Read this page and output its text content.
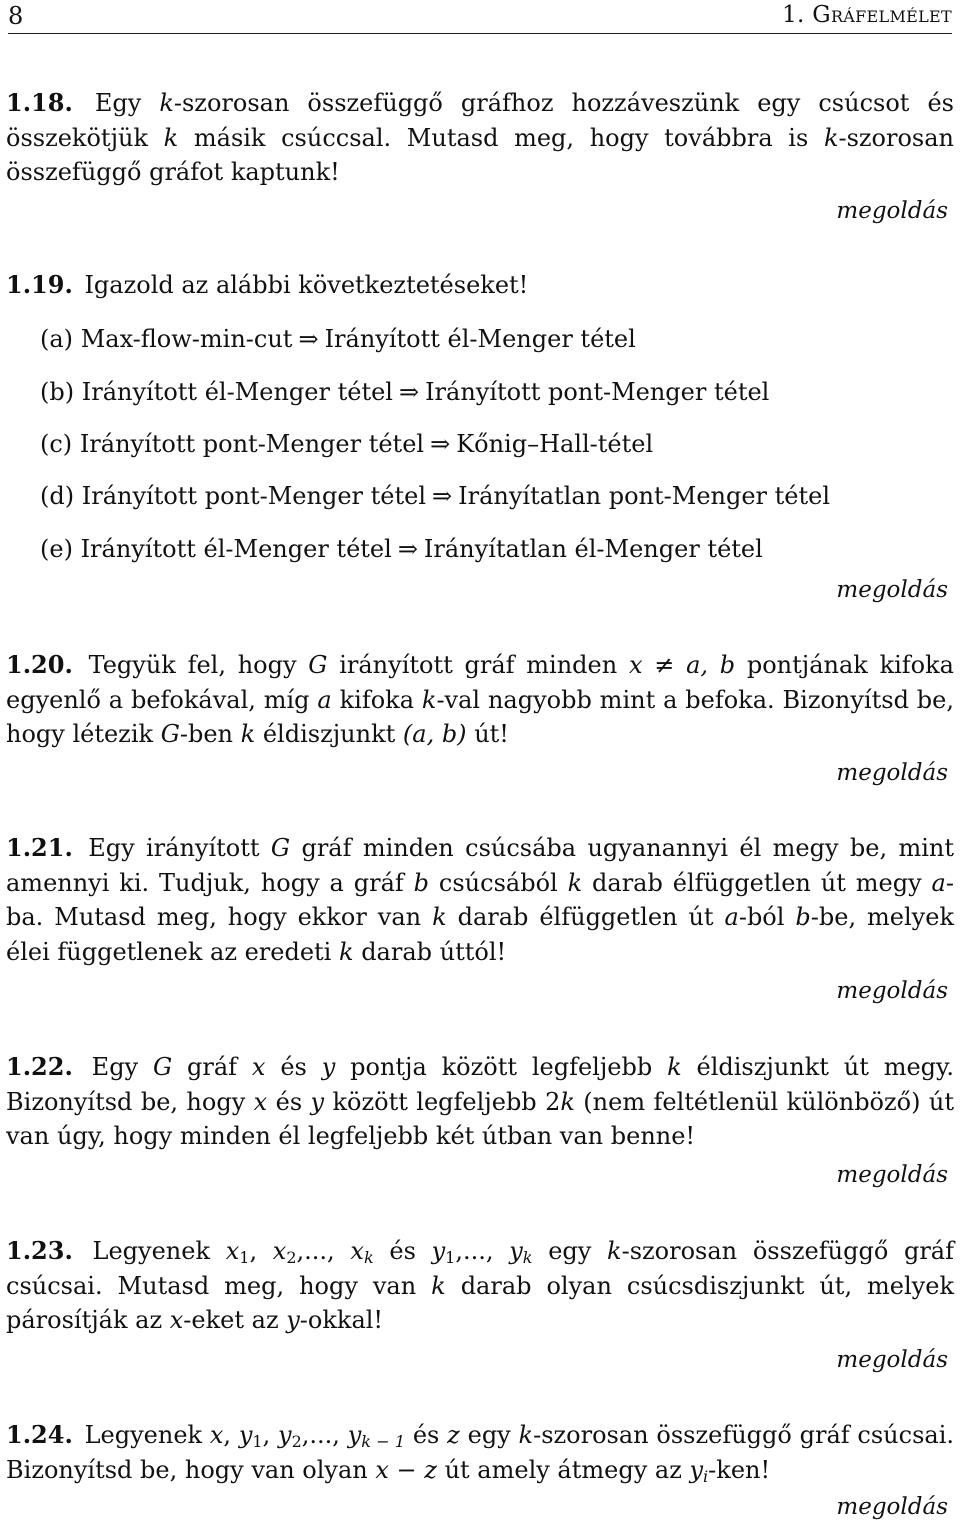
8	1. Gráfelmélet

1.18. Egy k-szorosan összefüggő gráfhoz hozzáveszünk egy csúcsot és összekötjük k másik csúccsal. Mutasd meg, hogy továbbra is k-szorosan összefüggő gráfot kaptunk!

megoldás

1.19. Igazold az alábbi következtetéseket!

(a) Max-flow-min-cut ⇒ Irányított él-Menger tétel
(b) Irányított él-Menger tétel ⇒ Irányított pont-Menger tétel
(c) Irányított pont-Menger tétel ⇒ Kőnig–Hall-tétel
(d) Irányított pont-Menger tétel ⇒ Irányítatlan pont-Menger tétel
(e) Irányított él-Menger tétel ⇒ Irányítatlan él-Menger tétel
megoldás

1.20. Tegyük fel, hogy G irányított gráf minden x ≠ a, b pontjának kifoka egyenlő a befokával, míg a kifoka k-val nagyobb mint a befoka. Bizonyítsd be, hogy létezik G-ben k éldiszjunkt (a, b) út!

megoldás

1.21. Egy irányított G gráf minden csúcsába ugyanannyi él megy be, mint amennyi ki. Tudjuk, hogy a gráf b csúcsából k darab élfüggetlen út megy a-ba. Mutasd meg, hogy ekkor van k darab élfüggetlen út a-ból b-be, melyek élei függetlenek az eredeti k darab úttól!

megoldás

1.22. Egy G gráf x és y pontja között legfeljebb k éldiszjunkt út megy. Bizonyítsd be, hogy x és y között legfeljebb 2k (nem feltétlenül különböző) út van úgy, hogy minden él legfeljebb két útban van benne!

megoldás

1.23. Legyenek $x_1$, $x_2$,..., $x_k$ és $y_1$,..., $y_k$ egy k-szorosan összefüggő gráf csúcsai. Mutasd meg, hogy van k darab olyan csúcsdiszjunkt út, melyek párosítják az x-eket az y-okkal!

megoldás

1.24. Legyenek x, $y_1$, $y_2$,..., $y_{k - 1}$ és z egy k-szorosan összefüggő gráf csúcsai. Bizonyítsd be, hogy van olyan x − z út amely átmegy az $y_i$-ken!

megoldás
